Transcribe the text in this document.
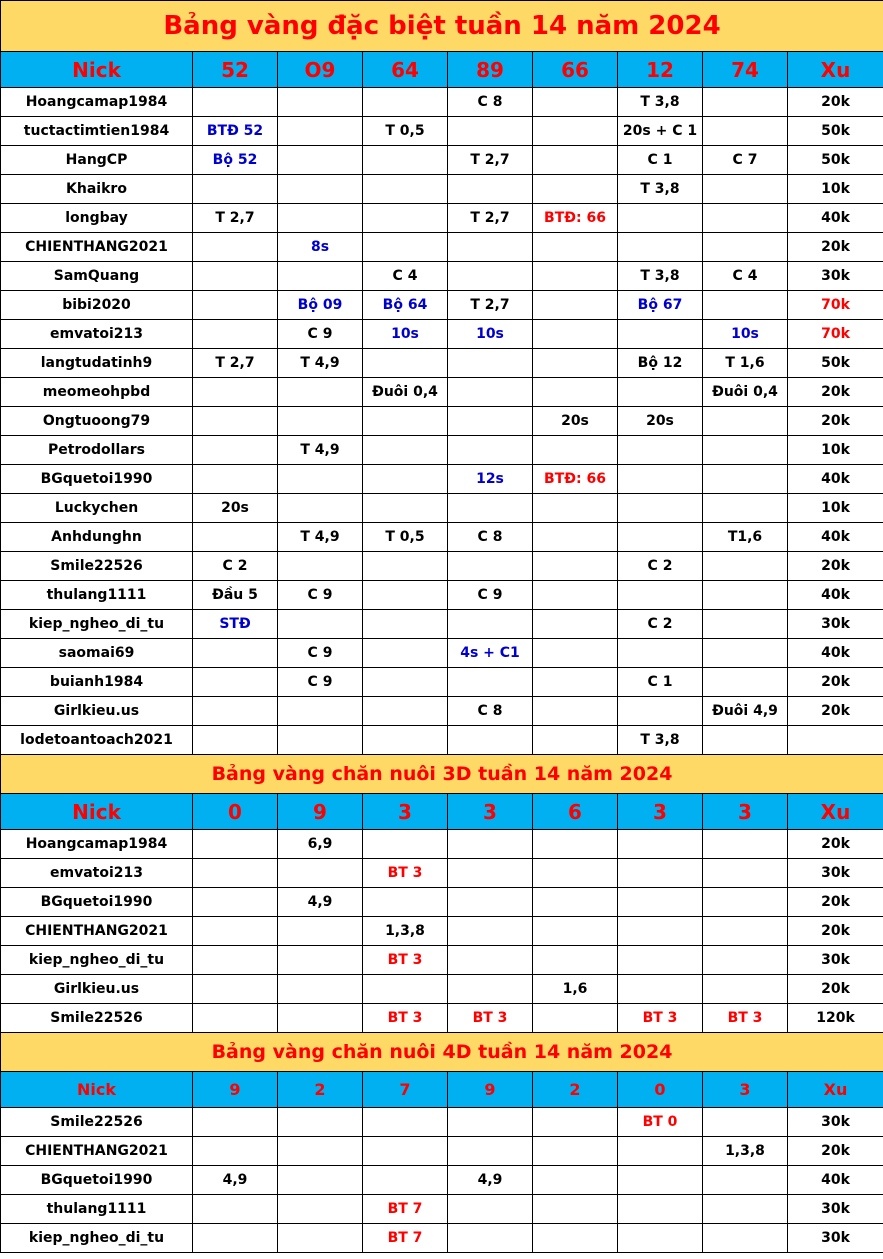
Bảng vàng đặc biệt tuần 14 năm 2024								
Nick	52	O9	64	89	66	12	74	Xu
Hoangcamap1984				C 8		T 3,8		20k
tuctactimtien1984	BTĐ 52		T 0,5			20s + C 1		50k
HangCP	Bộ 52			T 2,7		C 1	C 7	50k
Khaikro						T 3,8		10k
longbay	T 2,7			T 2,7	BTĐ: 66			40k
CHIENTHANG2021		8s						20k
SamQuang			C 4			T 3,8	C 4	30k
bibi2020		Bộ 09	Bộ 64	T 2,7		Bộ 67		70k
emvatoi213		C 9	10s	10s			10s	70k
langtudatinh9	T 2,7	T 4,9				Bộ 12	T 1,6	50k
meomeohpbd			Đuôi 0,4				Đuôi 0,4	20k
Ongtuoong79					20s	20s		20k
Petrodollars		T 4,9						10k
BGquetoi1990				12s	BTĐ: 66			40k
Luckychen	20s							10k
Anhdunghn		T 4,9	T 0,5	C 8			T1,6	40k
Smile22526	C 2					C 2		20k
thulang1111	Đầu 5	C 9		C 9				40k
kiep_ngheo_di_tu	STĐ					C 2		30k
saomai69		C 9		4s + C1				40k
buianh1984		C 9				C 1		20k
Girlkieu.us				C 8			Đuôi 4,9	20k
lodetoantoach2021						T 3,8		
Bảng vàng chăn nuôi 3D tuần 14 năm 2024								
Nick	0	9	3	3	6	3	3	Xu
Hoangcamap1984		6,9						20k
emvatoi213			BT 3					30k
BGquetoi1990		4,9						20k
CHIENTHANG2021			1,3,8					20k
kiep_ngheo_di_tu			BT 3					30k
Girlkieu.us					1,6			20k
Smile22526			BT 3	BT 3		BT 3	BT 3	120k
Bảng vàng chăn nuôi 4D tuần 14 năm 2024								
Nick	9	2	7	9	2	0	3	Xu
Smile22526						BT 0		30k
CHIENTHANG2021							1,3,8	20k
BGquetoi1990	4,9			4,9				40k
thulang1111			BT 7					30k
kiep_ngheo_di_tu			BT 7					30k
